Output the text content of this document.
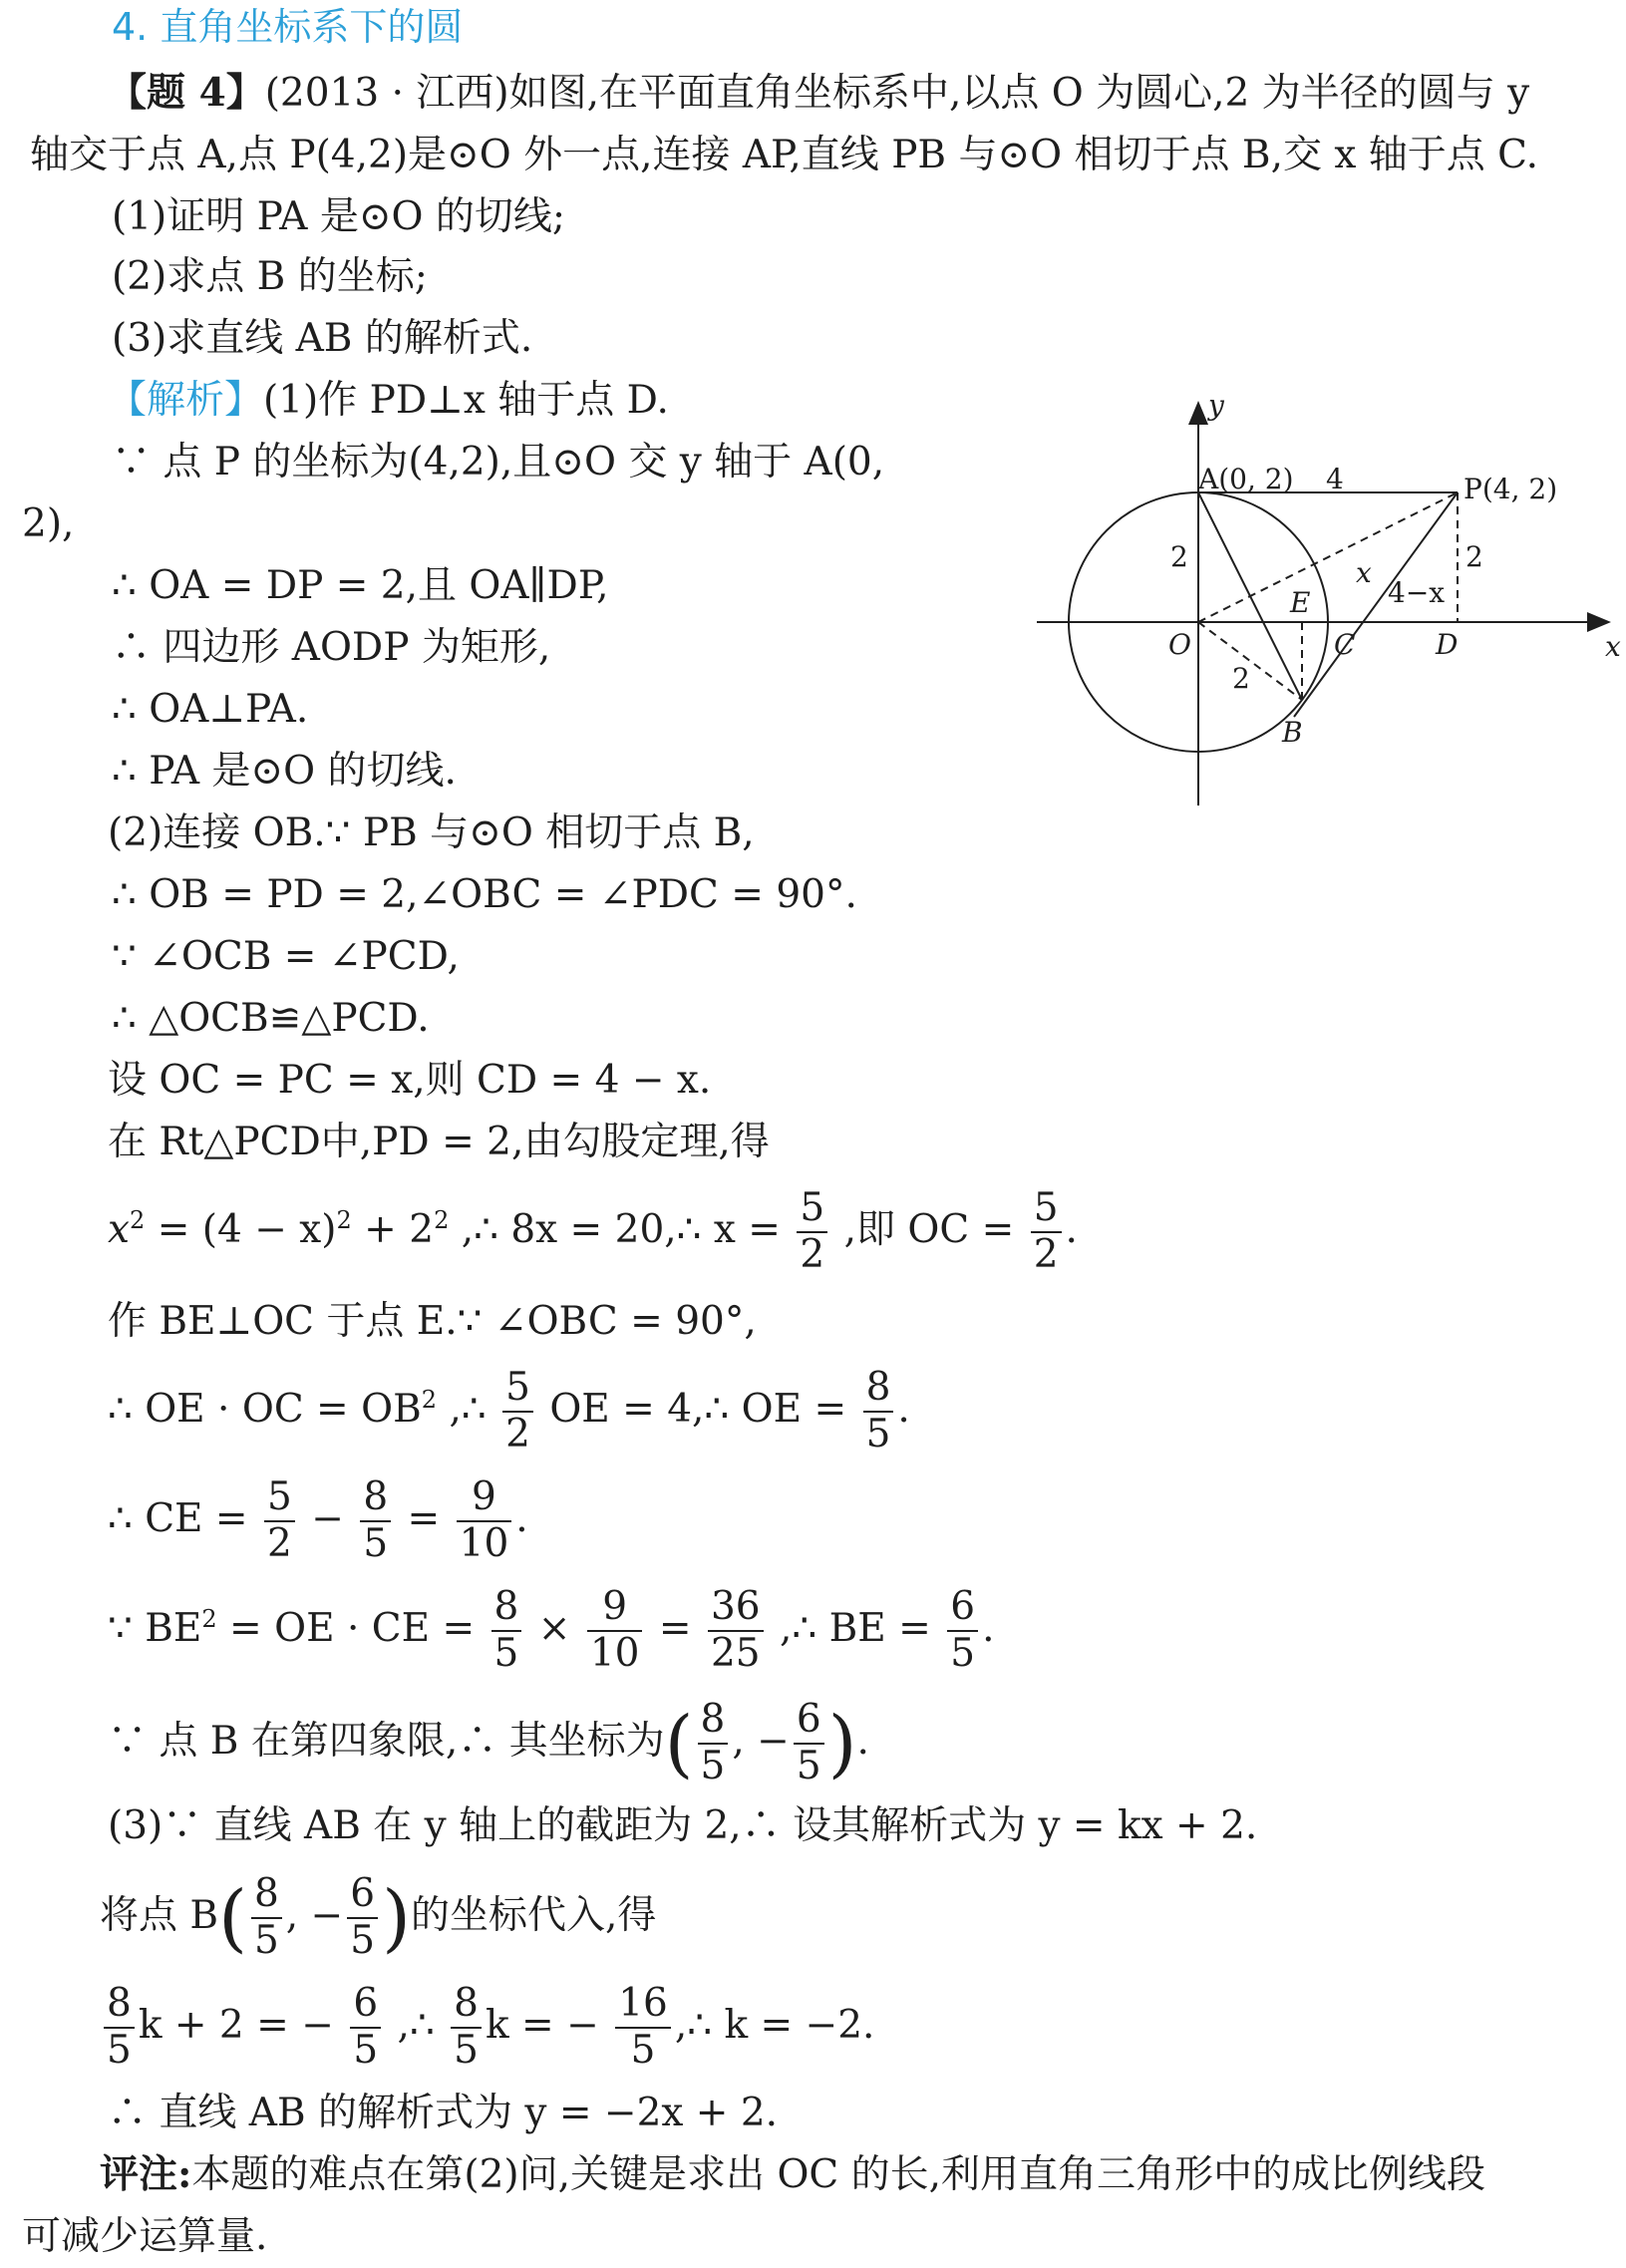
4. 直角坐标系下的圆
【题 4】(2013 · 江西)如图,在平面直角坐标系中,以点 O 为圆心,2 为半径的圆与 y
轴交于点 A,点 P(4,2)是⊙O 外一点,连接 AP,直线 PB 与⊙O 相切于点 B,交 x 轴于点 C.
(1)证明 PA 是⊙O 的切线;
(2)求点 B 的坐标;
(3)求直线 AB 的解析式.
【解析】(1)作 PD⊥x 轴于点 D.
∵ 点 P 的坐标为(4,2),且⊙O 交 y 轴于 A(0,
2),
∴ OA = DP = 2,且 OA∥DP,
∴ 四边形 AODP 为矩形,
∴ OA⊥PA.
∴ PA 是⊙O 的切线.
(2)连接 OB.∵ PB 与⊙O 相切于点 B,
∴ OB = PD = 2,∠OBC = ∠PDC = 90°.
∵ ∠OCB = ∠PCD,
∴ △OCB≌△PCD.
设 OC = PC = x,则 CD = 4 − x.
在 Rt△PCD中,PD = 2,由勾股定理,得
$x^2 = (4 - x)^2 + 2^2$ ,∴ 8x = 20,∴ $x = \frac{5}{2}$ ,即 OC = $\frac{5}{2}$ .
作 BE⊥OC 于点 E.∵ ∠OBC = 90°,
∴ OE · OC = $OB^2$ ,∴ $\frac{5}{2}$ OE = 4,∴ OE = $\frac{8}{5}$ .
∴ CE = $\frac{5}{2} - \frac{8}{5} = \frac{9}{10}$ .
∵ $BE^2$ = OE · CE = $\frac{8}{5} \times \frac{9}{10} = \frac{36}{25}$ ,∴ BE = $\frac{6}{5}$ .
∵ 点 B 在第四象限,∴ 其坐标为( $\frac{8}{5}$ , − $\frac{6}{5}$ ).
(3)∵ 直线 AB 在 y 轴上的截距为 2,∴ 设其解析式为 y = kx + 2.
将点 $B( \frac{8}{5}$ , − $\frac{6}{5}$ )的坐标代入,得
$\frac{8}{5}$ k + 2 = − $\frac{6}{5}$ ,∴ $\frac{8}{5}$ k = − $\frac{16}{5}$ ,∴ k = −2.
∴ 直线 AB 的解析式为 y = −2x + 2.
评注:本题的难点在第(2)问,关键是求出 OC 的长,利用直角三角形中的成比例线段
可减少运算量.
y
x
A(0, 2) 4	P(4, 2)
2	2
x
4−x
E
O	C	D
2
B
